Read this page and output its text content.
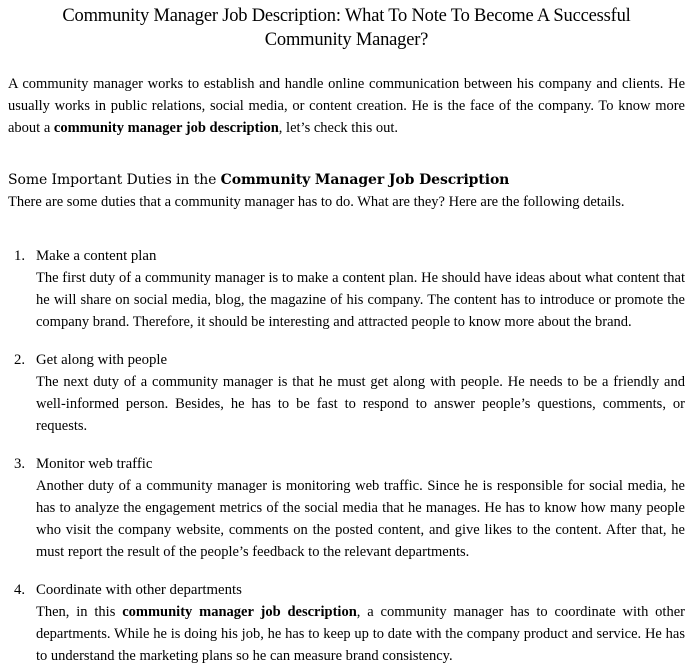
Community Manager Job Description: What To Note To Become A Successful Community Manager?

A community manager works to establish and handle online communication between his company and clients. He usually works in public relations, social media, or content creation. He is the face of the company. To know more about a community manager job description, let’s check this out.

Some Important Duties in the Community Manager Job Description

There are some duties that a community manager has to do. What are they? Here are the following details.

1. Make a content plan

The first duty of a community manager is to make a content plan. He should have ideas about what content that he will share on social media, blog, the magazine of his company. The content has to introduce or promote the company brand. Therefore, it should be interesting and attracted people to know more about the brand.

2. Get along with people

The next duty of a community manager is that he must get along with people. He needs to be a friendly and well-informed person. Besides, he has to be fast to respond to answer people’s questions, comments, or requests.

3. Monitor web traffic

Another duty of a community manager is monitoring web traffic. Since he is responsible for social media, he has to analyze the engagement metrics of the social media that he manages. He has to know how many people who visit the company website, comments on the posted content, and give likes to the content. After that, he must report the result of the people’s feedback to the relevant departments.

4. Coordinate with other departments

Then, in this community manager job description, a community manager has to coordinate with other departments. While he is doing his job, he has to keep up to date with the company product and service. He has to understand the marketing plans so he can measure brand consistency.
